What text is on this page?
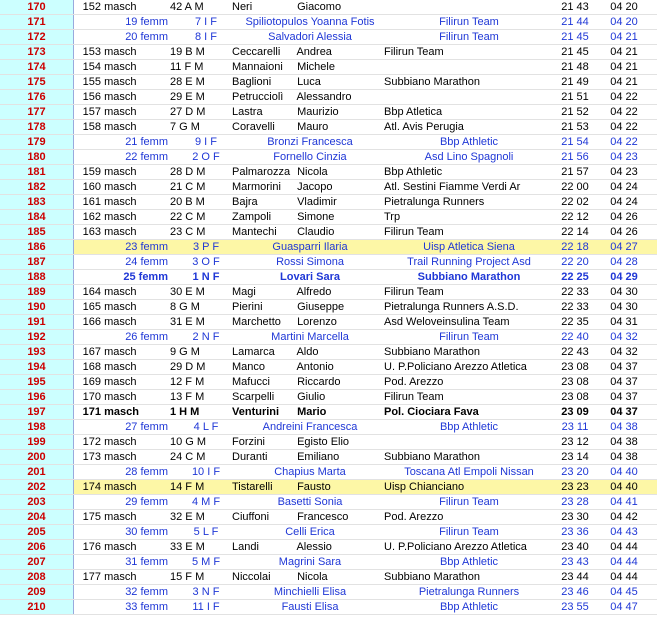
170	152 masch	42 A M	Neri	Giacomo	21 43	04 20
171	19 femm	7 I F	Spiliotopulos Yoanna Fotis	Filirun Team	21 44	04 20
172	20 femm	8 I F	Salvadori Alessia	Filirun Team	21 45	04 21
173	153 masch	19 B M	Ceccarelli Andrea	Filirun Team	21 45	04 21
174	154 masch	11 F M	Mannaioni Michele	21 48	04 21
175	155 masch	28 E M	Baglioni Luca	Subbiano Marathon	21 49	04 21
176	156 masch	29 E M	Petrucciolì Alessandro	21 51	04 22
177	157 masch	27 D M	Lastra	Maurizio	Bbp Atletica	21 52	04 22
178	158 masch	7 G M	Coravelli Mauro	Atl. Avis Perugia	21 53	04 22
179	21 femm	9 I F	Bronzi Francesca	Bbp Athletic	21 54	04 22
180	22 femm	2 O F	Fornello Cinzia	Asd Lino Spagnoli	21 56	04 23
181	159 masch	28 D M	Palmarozza Nicola	Bbp Athletic	21 57	04 23
182	160 masch	21 C M	Marmorini Jacopo	Atl. Sestini Fiamme Verdi Ar	22 00	04 24
183	161 masch	20 B M	Bajra	Vladimir	Pietralunga Runners	22 02	04 24
184	162 masch	22 C M	Zampoli Simone	Trp	22 12	04 26
185	163 masch	23 C M	Mantechi Claudio	Filirun Team	22 14	04 26
186	23 femm	3 P F	Guasparri Ilaria	Uisp Atletica Siena	22 18	04 27
187	24 femm	3 O F	Rossi Simona	Trail Running Project Asd	22 20	04 28
188	25 femm	1 N F	Lovari Sara	Subbiano Marathon	22 25	04 29
189	164 masch	30 E M	Magi	Alfredo	Filirun Team	22 33	04 30
190	165 masch	8 G M	Pierini	Giuseppe	Pietralunga Runners A.S.D.	22 33	04 30
191	166 masch	31 E M	Marchetto Lorenzo	Asd Weloveinsulina Team	22 35	04 31
192	26 femm	2 N F	Martini Marcella	Filirun Team	22 40	04 32
193	167 masch	9 G M	Lamarca Aldo	Subbiano Marathon	22 43	04 32
194	168 masch	29 D M	Manco	Antonio	U. P.Policiano Arezzo Atletica	23 08	04 37
195	169 masch	12 F M	Mafucci Riccardo	Pod. Arezzo	23 08	04 37
196	170 masch	13 F M	Scarpelli Giulio	Filirun Team	23 08	04 37
197	171 masch	1 H M	Venturini Mario	Pol. Ciociara Fava	23 09	04 37
198	27 femm	4 L F	Andreini Francesca	Bbp Athletic	23 11	04 38
199	172 masch	10 G M	Forzini	Egisto Elio	23 12	04 38
200	173 masch	24 C M	Duranti	Emiliano	Subbiano Marathon	23 14	04 38
201	28 femm	10 I F	Chapius Marta	Toscana Atl Empoli Nissan	23 20	04 40
202	174 masch	14 F M	Tistarelli Fausto	Uisp Chianciano	23 23	04 40
203	29 femm	4 M F	Basetti Sonia	Filirun Team	23 28	04 41
204	175 masch	32 E M	Ciuffoni	Francesco	Pod. Arezzo	23 30	04 42
205	30 femm	5 L F	Celli Erica	Filirun Team	23 36	04 43
206	176 masch	33 E M	Landi	Alessio	U. P.Policiano Arezzo Atletica	23 40	04 44
207	31 femm	5 M F	Magrini Sara	Bbp Athletic	23 43	04 44
208	177 masch	15 F M	Niccolai Nicola	Subbiano Marathon	23 44	04 44
209	32 femm	3 N F	Minchielli Elisa	Pietralunga Runners	23 46	04 45
210	33 femm	11 I F	Fausti Elisa	Bbp Athletic	23 55	04 47
